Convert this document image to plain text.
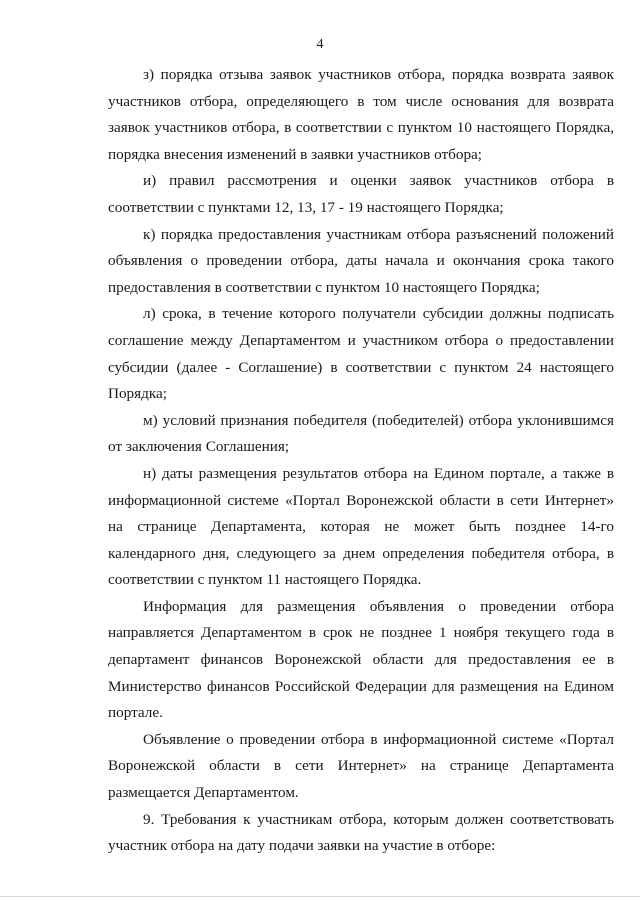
4

з) порядка отзыва заявок участников отбора, порядка возврата заявок участников отбора, определяющего в том числе основания для возврата заявок участников отбора, в соответствии с пунктом 10 настоящего Порядка, порядка внесения изменений в заявки участников отбора;

и) правил рассмотрения и оценки заявок участников отбора в соответствии с пунктами 12, 13, 17 - 19 настоящего Порядка;

к) порядка предоставления участникам отбора разъяснений положений объявления о проведении отбора, даты начала и окончания срока такого предоставления в соответствии с пунктом 10 настоящего Порядка;

л) срока, в течение которого получатели субсидии должны подписать соглашение между Департаментом и участником отбора о предоставлении субсидии (далее - Соглашение) в соответствии с пунктом 24 настоящего Порядка;

м) условий признания победителя (победителей) отбора уклонившимся от заключения Соглашения;

н) даты размещения результатов отбора на Едином портале, а также в информационной системе «Портал Воронежской области в сети Интернет» на странице Департамента, которая не может быть позднее 14-го календарного дня, следующего за днем определения победителя отбора, в соответствии с пунктом 11 настоящего Порядка.

Информация для размещения объявления о проведении отбора направляется Департаментом в срок не позднее 1 ноября текущего года в департамент финансов Воронежской области для предоставления ее в Министерство финансов Российской Федерации для размещения на Едином портале.

Объявление о проведении отбора в информационной системе «Портал Воронежской области в сети Интернет» на странице Департамента размещается Департаментом.

9. Требования к участникам отбора, которым должен соответствовать участник отбора на дату подачи заявки на участие в отборе:
